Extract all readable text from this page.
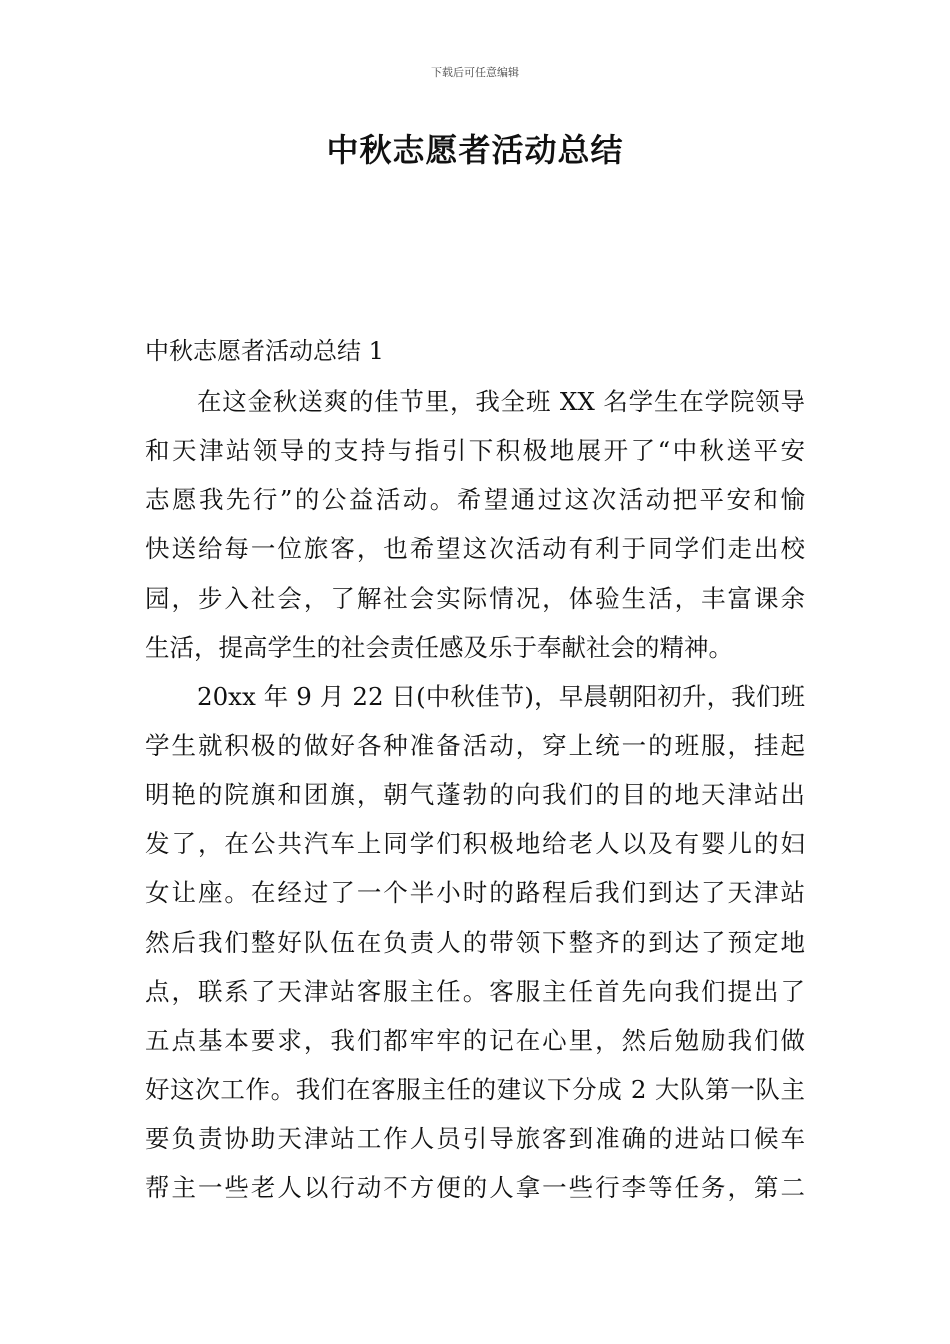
下载后可任意编辑
中秋志愿者活动总结
中秋志愿者活动总结 1
在这金秋送爽的佳节里，我全班 XX 名学生在学院领导
和天津站领导的支持与指引下积极地展开了“中秋送平安
志愿我先行”的公益活动。希望通过这次活动把平安和愉
快送给每一位旅客，也希望这次活动有利于同学们走出校
园，步入社会，了解社会实际情况，体验生活，丰富课余
生活，提高学生的社会责任感及乐于奉献社会的精神。
20xx 年 9 月 22 日(中秋佳节)，早晨朝阳初升，我们班
学生就积极的做好各种准备活动，穿上统一的班服，挂起
明艳的院旗和团旗，朝气蓬勃的向我们的目的地天津站出
发了，在公共汽车上同学们积极地给老人以及有婴儿的妇
女让座。在经过了一个半小时的路程后我们到达了天津站
然后我们整好队伍在负责人的带领下整齐的到达了预定地
点，联系了天津站客服主任。客服主任首先向我们提出了
五点基本要求，我们都牢牢的记在心里，然后勉励我们做
好这次工作。我们在客服主任的建议下分成 2 大队第一队主
要负责协助天津站工作人员引导旅客到准确的进站口候车
帮主一些老人以行动不方便的人拿一些行李等任务，第二
